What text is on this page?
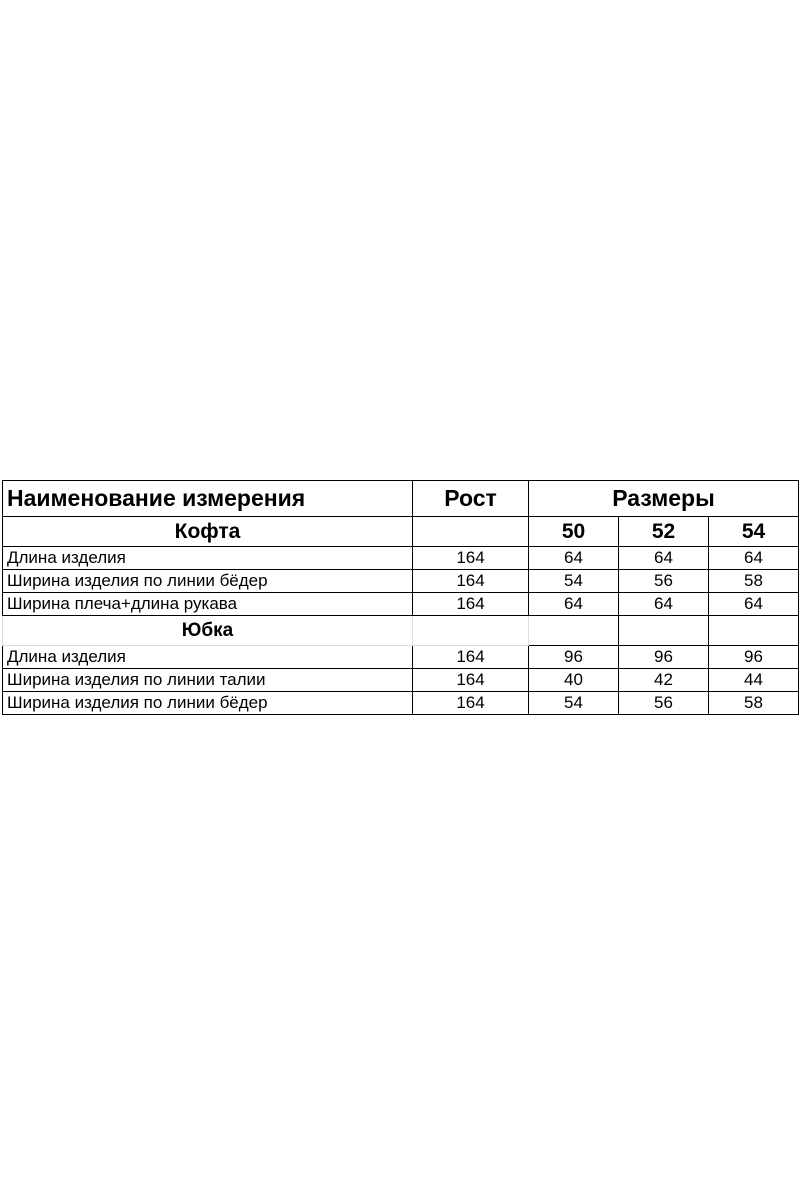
Наименование измерения	Рост	Размеры		
Кофта		50	52	54
Длина изделия	164	64	64	64
Ширина изделия по линии бёдер	164	54	56	58
Ширина плеча+длина рукава	164	64	64	64
Юбка				
Длина изделия	164	96	96	96
Ширина изделия по линии талии	164	40	42	44
Ширина изделия по линии бёдер	164	54	56	58
